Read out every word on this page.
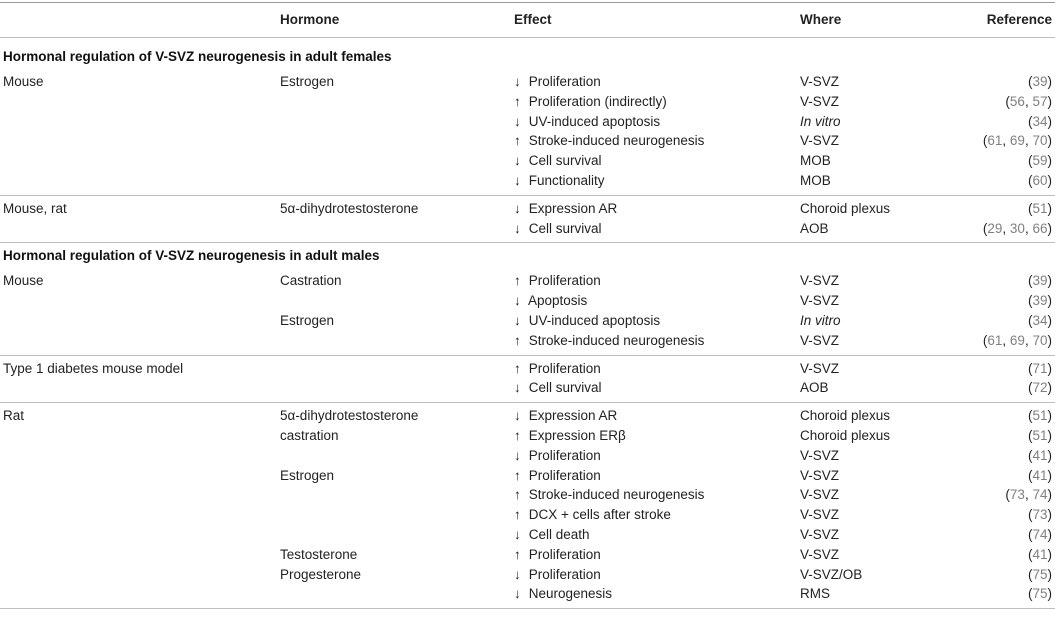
Hormone	Effect	Where	Reference
Hormonal regulation of V-SVZ neurogenesis in adult females
Mouse	Estrogen	↓ Proliferation	V-SVZ	(39)
↑ Proliferation (indirectly)	V-SVZ	(56, 57)
↓ UV-induced apoptosis	In vitro	(34)
↑ Stroke-induced neurogenesis	V-SVZ	(61, 69, 70)
↓ Cell survival	MOB	(59)
↓ Functionality	MOB	(60)
Mouse, rat	5α-dihydrotestosterone	↓ Expression AR	Choroid plexus	(51)
↓ Cell survival	AOB	(29, 30, 66)
Hormonal regulation of V-SVZ neurogenesis in adult males
Mouse	Castration	↑ Proliferation	V-SVZ	(39)
↓ Apoptosis	V-SVZ	(39)
Estrogen	↓ UV-induced apoptosis	In vitro	(34)
↑ Stroke-induced neurogenesis	V-SVZ	(61, 69, 70)
Type 1 diabetes mouse model	↑ Proliferation	V-SVZ	(71)
↓ Cell survival	AOB	(72)
Rat	5α-dihydrotestosterone	↓ Expression AR	Choroid plexus	(51)
castration	↑ Expression ERβ	Choroid plexus	(51)
↓ Proliferation	V-SVZ	(41)
Estrogen	↑ Proliferation	V-SVZ	(41)
↑ Stroke-induced neurogenesis	V-SVZ	(73, 74)
↑ DCX + cells after stroke	V-SVZ	(73)
↓ Cell death	V-SVZ	(74)
Testosterone	↑ Proliferation	V-SVZ	(41)
Progesterone	↓ Proliferation	V-SVZ/OB	(75)
↓ Neurogenesis	RMS	(75)
